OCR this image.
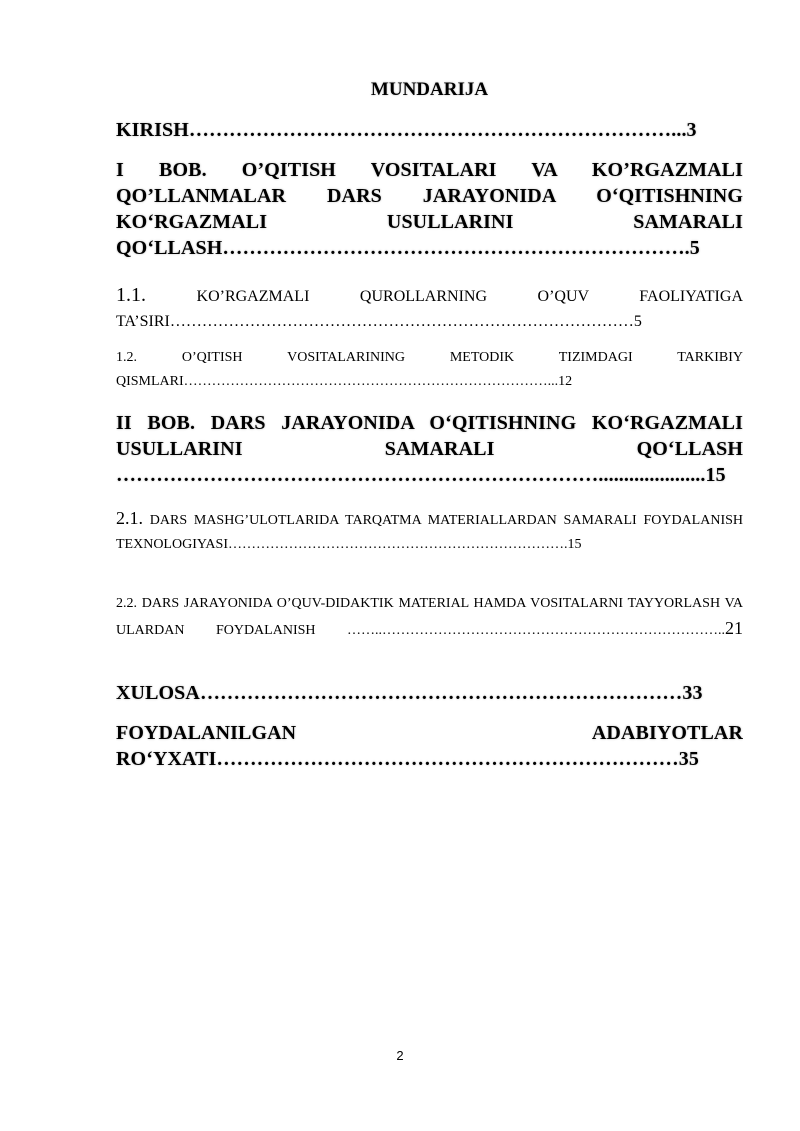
MUNDARIJA
KIRISH………………………………………………………………...3
I BOB. O’QITISH VOSITALARI VA KO’RGAZMALI QO’LLANMALAR DARS JARAYONIDA O‘QITISHNING KO‘RGAZMALI USULLARINI SAMARALI QO‘LLASH…………………………………………………………….5
1.1. KO’RGAZMALI QUROLLARNING O’QUV FAOLIYATIGA TA’SIRI……………………………………………………………………………5
1.2. O’QITISH VOSITALARINING METODIK TIZIMDAGI TARKIBIY QISMLARI……………………………………………………………………...12
II BOB. DARS JARAYONIDA O‘QITISHNING KO‘RGAZMALI USULLARINI SAMARALI QO‘LLASH ……………………………………………………………….....................15
2.1. DARS MASHG’ULOTLARIDA TARQATMA MATERIALLARDAN SAMARALI FOYDALANISH TEXNOLOGIYASI……………………………………………………………….15
2.2. DARS JARAYONIDA O’QUV-DIDAKTIK MATERIAL HAMDA VOSITALARNI TAYYORLASH VA ULARDAN FOYDALANISH ……..………………………………………………………………..21
XULOSA………………………………………………………………33
FOYDALANILGAN ADABIYOTLAR RO‘YXATI……………………………………………………………35
2
